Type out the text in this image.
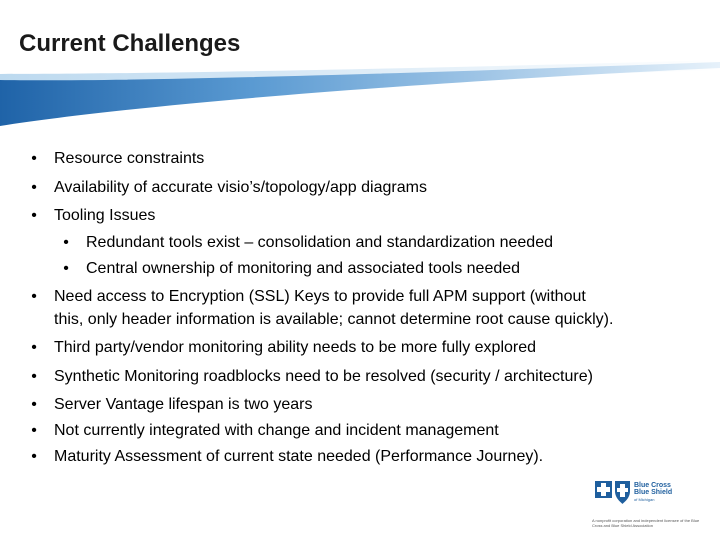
Current Challenges
• Resource constraints
• Availability of accurate visio’s/topology/app diagrams
• Tooling Issues
• Redundant tools exist – consolidation and standardization needed
• Central ownership of monitoring and associated tools needed
• Need access to Encryption (SSL) Keys to provide full APM support (without
this, only header information is available; cannot determine root cause quickly).
• Third party/vendor monitoring ability needs to be more fully explored
• Synthetic Monitoring roadblocks need to be resolved (security / architecture)
• Server Vantage lifespan is two years
• Not currently integrated with change and incident management
• Maturity Assessment of current state needed (Performance Journey).
Blue Cross
Blue Shield
of Michigan
A nonprofit corporation and independent licensee of the Blue Cross and Blue Shield Association
